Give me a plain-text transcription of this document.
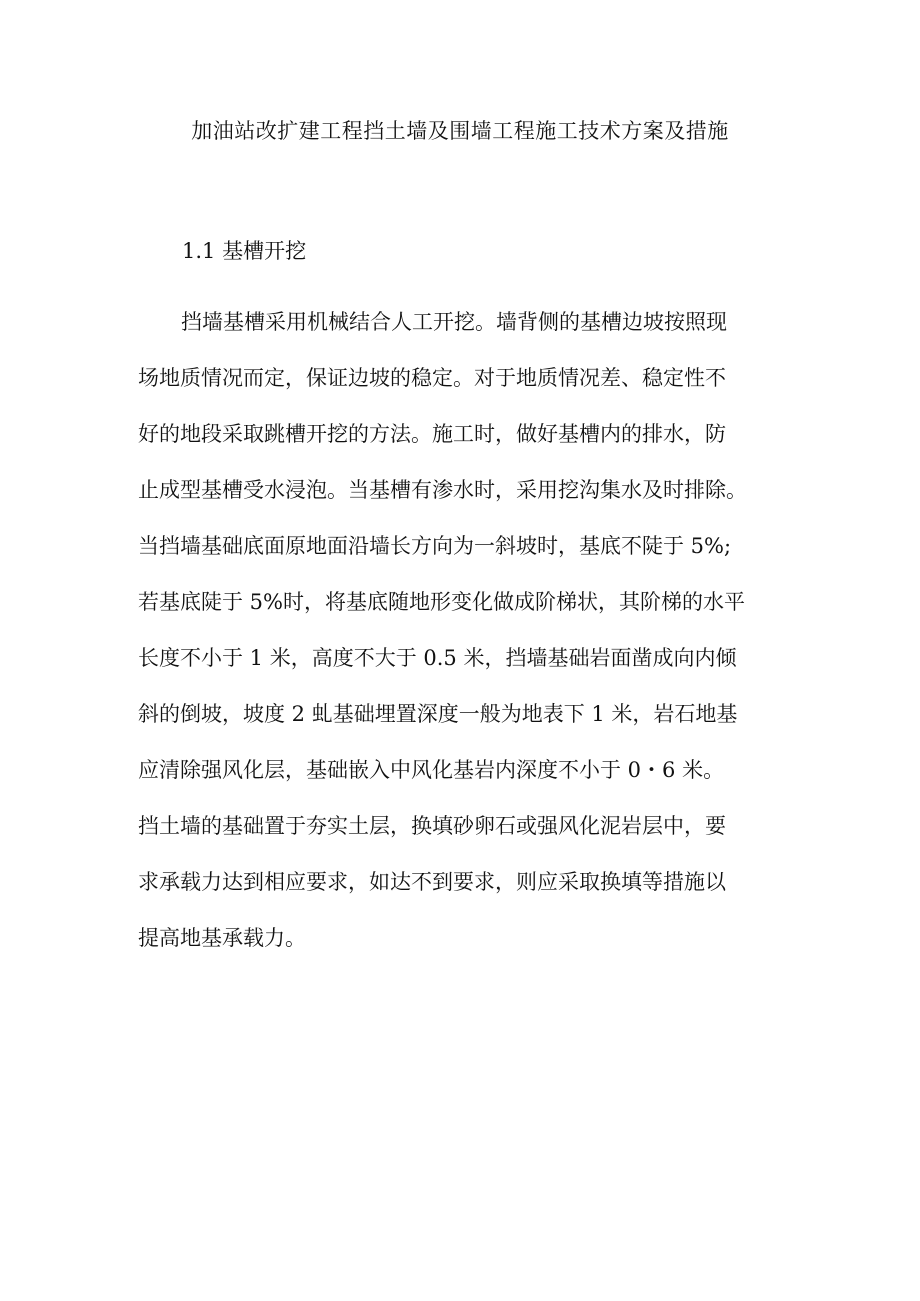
加油站改扩建工程挡土墙及围墙工程施工技术方案及措施
1.1 基槽开挖
挡墙基槽采用机械结合人工开挖。墙背侧的基槽边坡按照现
场地质情况而定，保证边坡的稳定。对于地质情况差、稳定性不
好的地段采取跳槽开挖的方法。施工时，做好基槽内的排水，防
止成型基槽受水浸泡。当基槽有渗水时，采用挖沟集水及时排除。
当挡墙基础底面原地面沿墙长方向为一斜坡时，基底不陡于 5%;
若基底陡于 5%时，将基底随地形变化做成阶梯状，其阶梯的水平
长度不小于 1 米，高度不大于 0.5 米，挡墙基础岩面凿成向内倾
斜的倒坡，坡度 2 虬基础埋置深度一般为地表下 1 米，岩石地基
应清除强风化层，基础嵌入中风化基岩内深度不小于 0・6 米。
挡土墙的基础置于夯实土层，换填砂卵石或强风化泥岩层中，要
求承载力达到相应要求，如达不到要求，则应采取换填等措施以
提高地基承载力。
